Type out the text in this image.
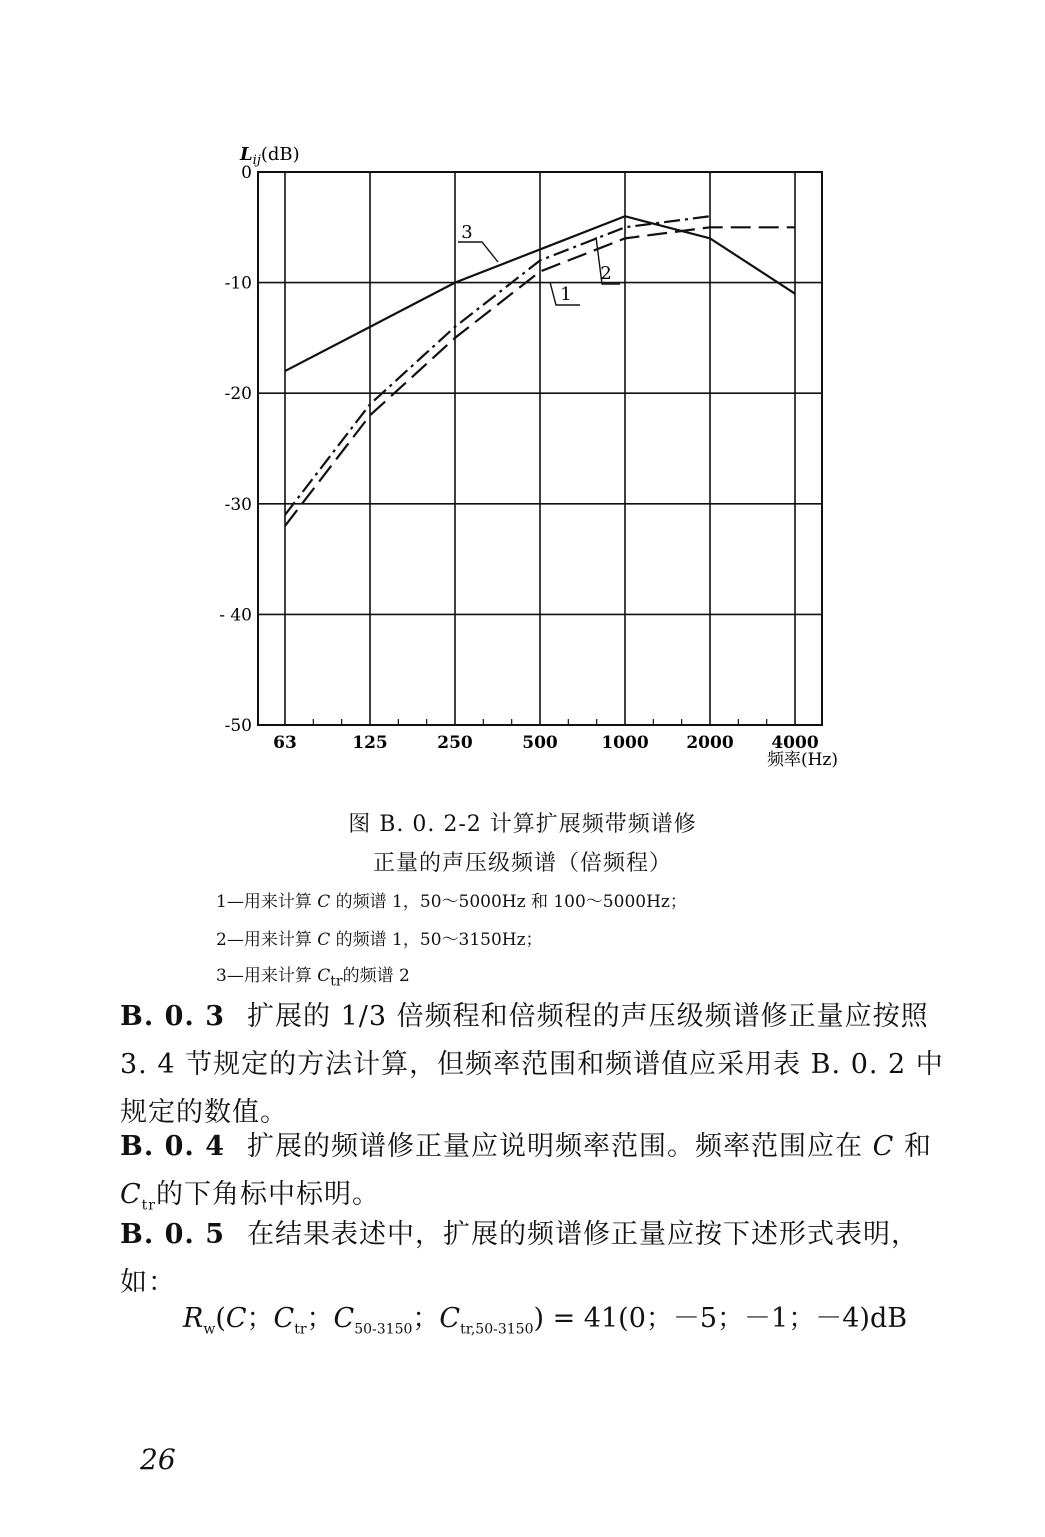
0
-10
-20
-30
- 40
-50
63	125	250	500	1000 2000 4000
$L_{ij}(dB)$
频率(Hz)
1
2
3
图 B. 0. 2-2 计算扩展频带频谱修
正量的声压级频谱（倍频程）
1—用来计算 C 的频谱 1，50～5000Hz 和 100～5000Hz；
2—用来计算 C 的频谱 1，50～3150Hz；
3—用来计算 $C_{tr}$的频谱 2
B. 0. 3 扩展的 1/3 倍频程和倍频程的声压级频谱修正量应按照 3. 4 节规定的方法计算，但频率范围和频谱值应采用表 B. 0. 2 中规定的数值。
B. 0. 4 扩展的频谱修正量应说明频率范围。频率范围应在 C 和 $C_{tr}$的下角标中标明。
B. 0. 5 在结果表述中，扩展的频谱修正量应按下述形式表明，如：
$R_w(C$；$C_{tr}$；$C_{50-3150}$；$C_{tr,50-3150}) = 41(0$；－5；－1；－4)dB
26
